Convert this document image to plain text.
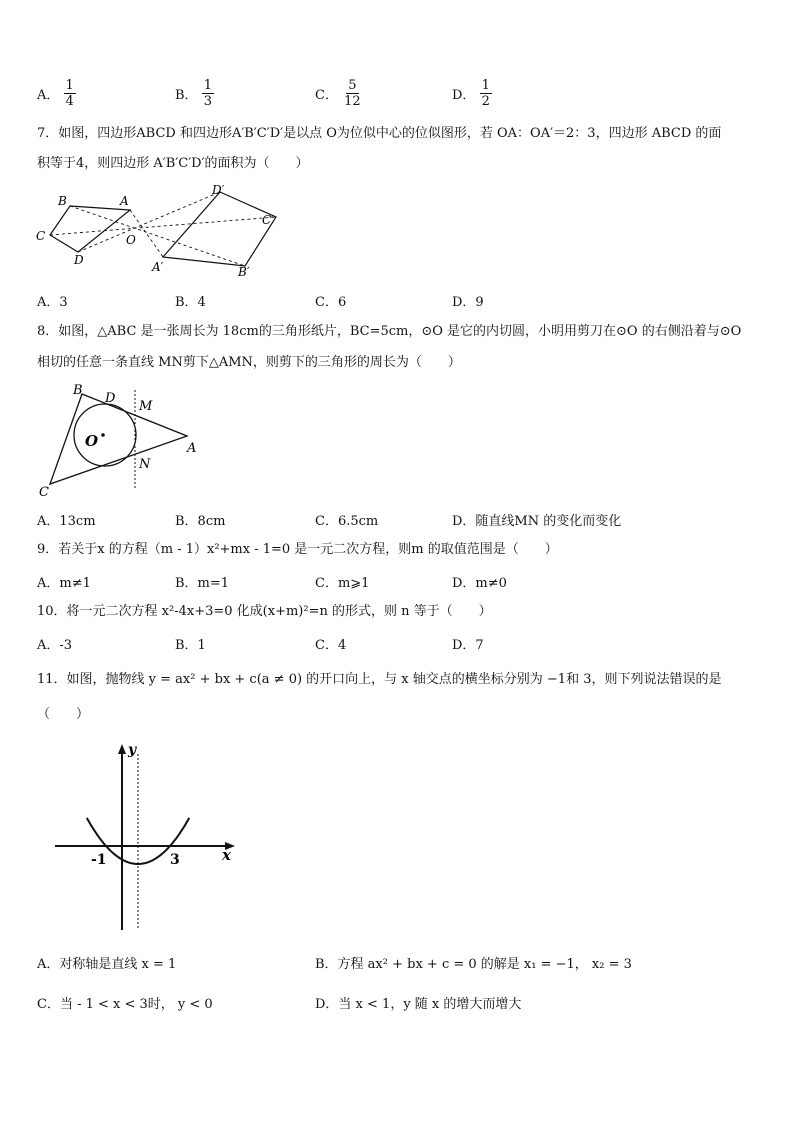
A． $\frac{1}{4}$	B． $\frac{1}{3}$	C． $\frac{5}{12}$	D． $\frac{1}{2}$
7．如图，四边形ABCD 和四边形A′B′C′D′是以点 O为位似中心的位似图形，若 OA：OA′＝2：3，四边形 ABCD 的面
积等于4，则四边形 A′B′C′D′的面积为（　　）
B	A
C
D
O
D′
C′
A′	B′
A．3	B．4	C．6	D．9
8．如图，△ABC 是一张周长为 18cm的三角形纸片，BC=5cm，⊙O 是它的内切圆，小明用剪刀在⊙O 的右侧沿着与⊙O
相切的任意一条直线 MN剪下△AMN，则剪下的三角形的周长为（　　）
B
D
M
O	A
N
C
A．13cm	B．8cm	C．6.5cm	D．随直线MN 的变化而变化
9．若关于x 的方程（m - 1）x²+mx - 1=0 是一元二次方程，则m 的取值范围是（　　）
A．m≠1	B．m=1	C．m⩾1	D．m≠0
10．将一元二次方程 x²-4x+3=0 化成(x+m)²=n 的形式，则 n 等于（　　）
A．-3	B．1	C．4	D．7
11．如图，抛物线 y = ax² + bx + c(a ≠ 0) 的开口向上，与 x 轴交点的横坐标分别为 −1和 3，则下列说法错误的是
（　　）
y
x
-1	3
A．对称轴是直线 x = 1	B．方程 ax² + bx + c = 0 的解是 x₁ = −1， x₂ = 3
C．当 - 1 < x < 3时， y < 0	D．当 x < 1，y 随 x 的增大而增大
